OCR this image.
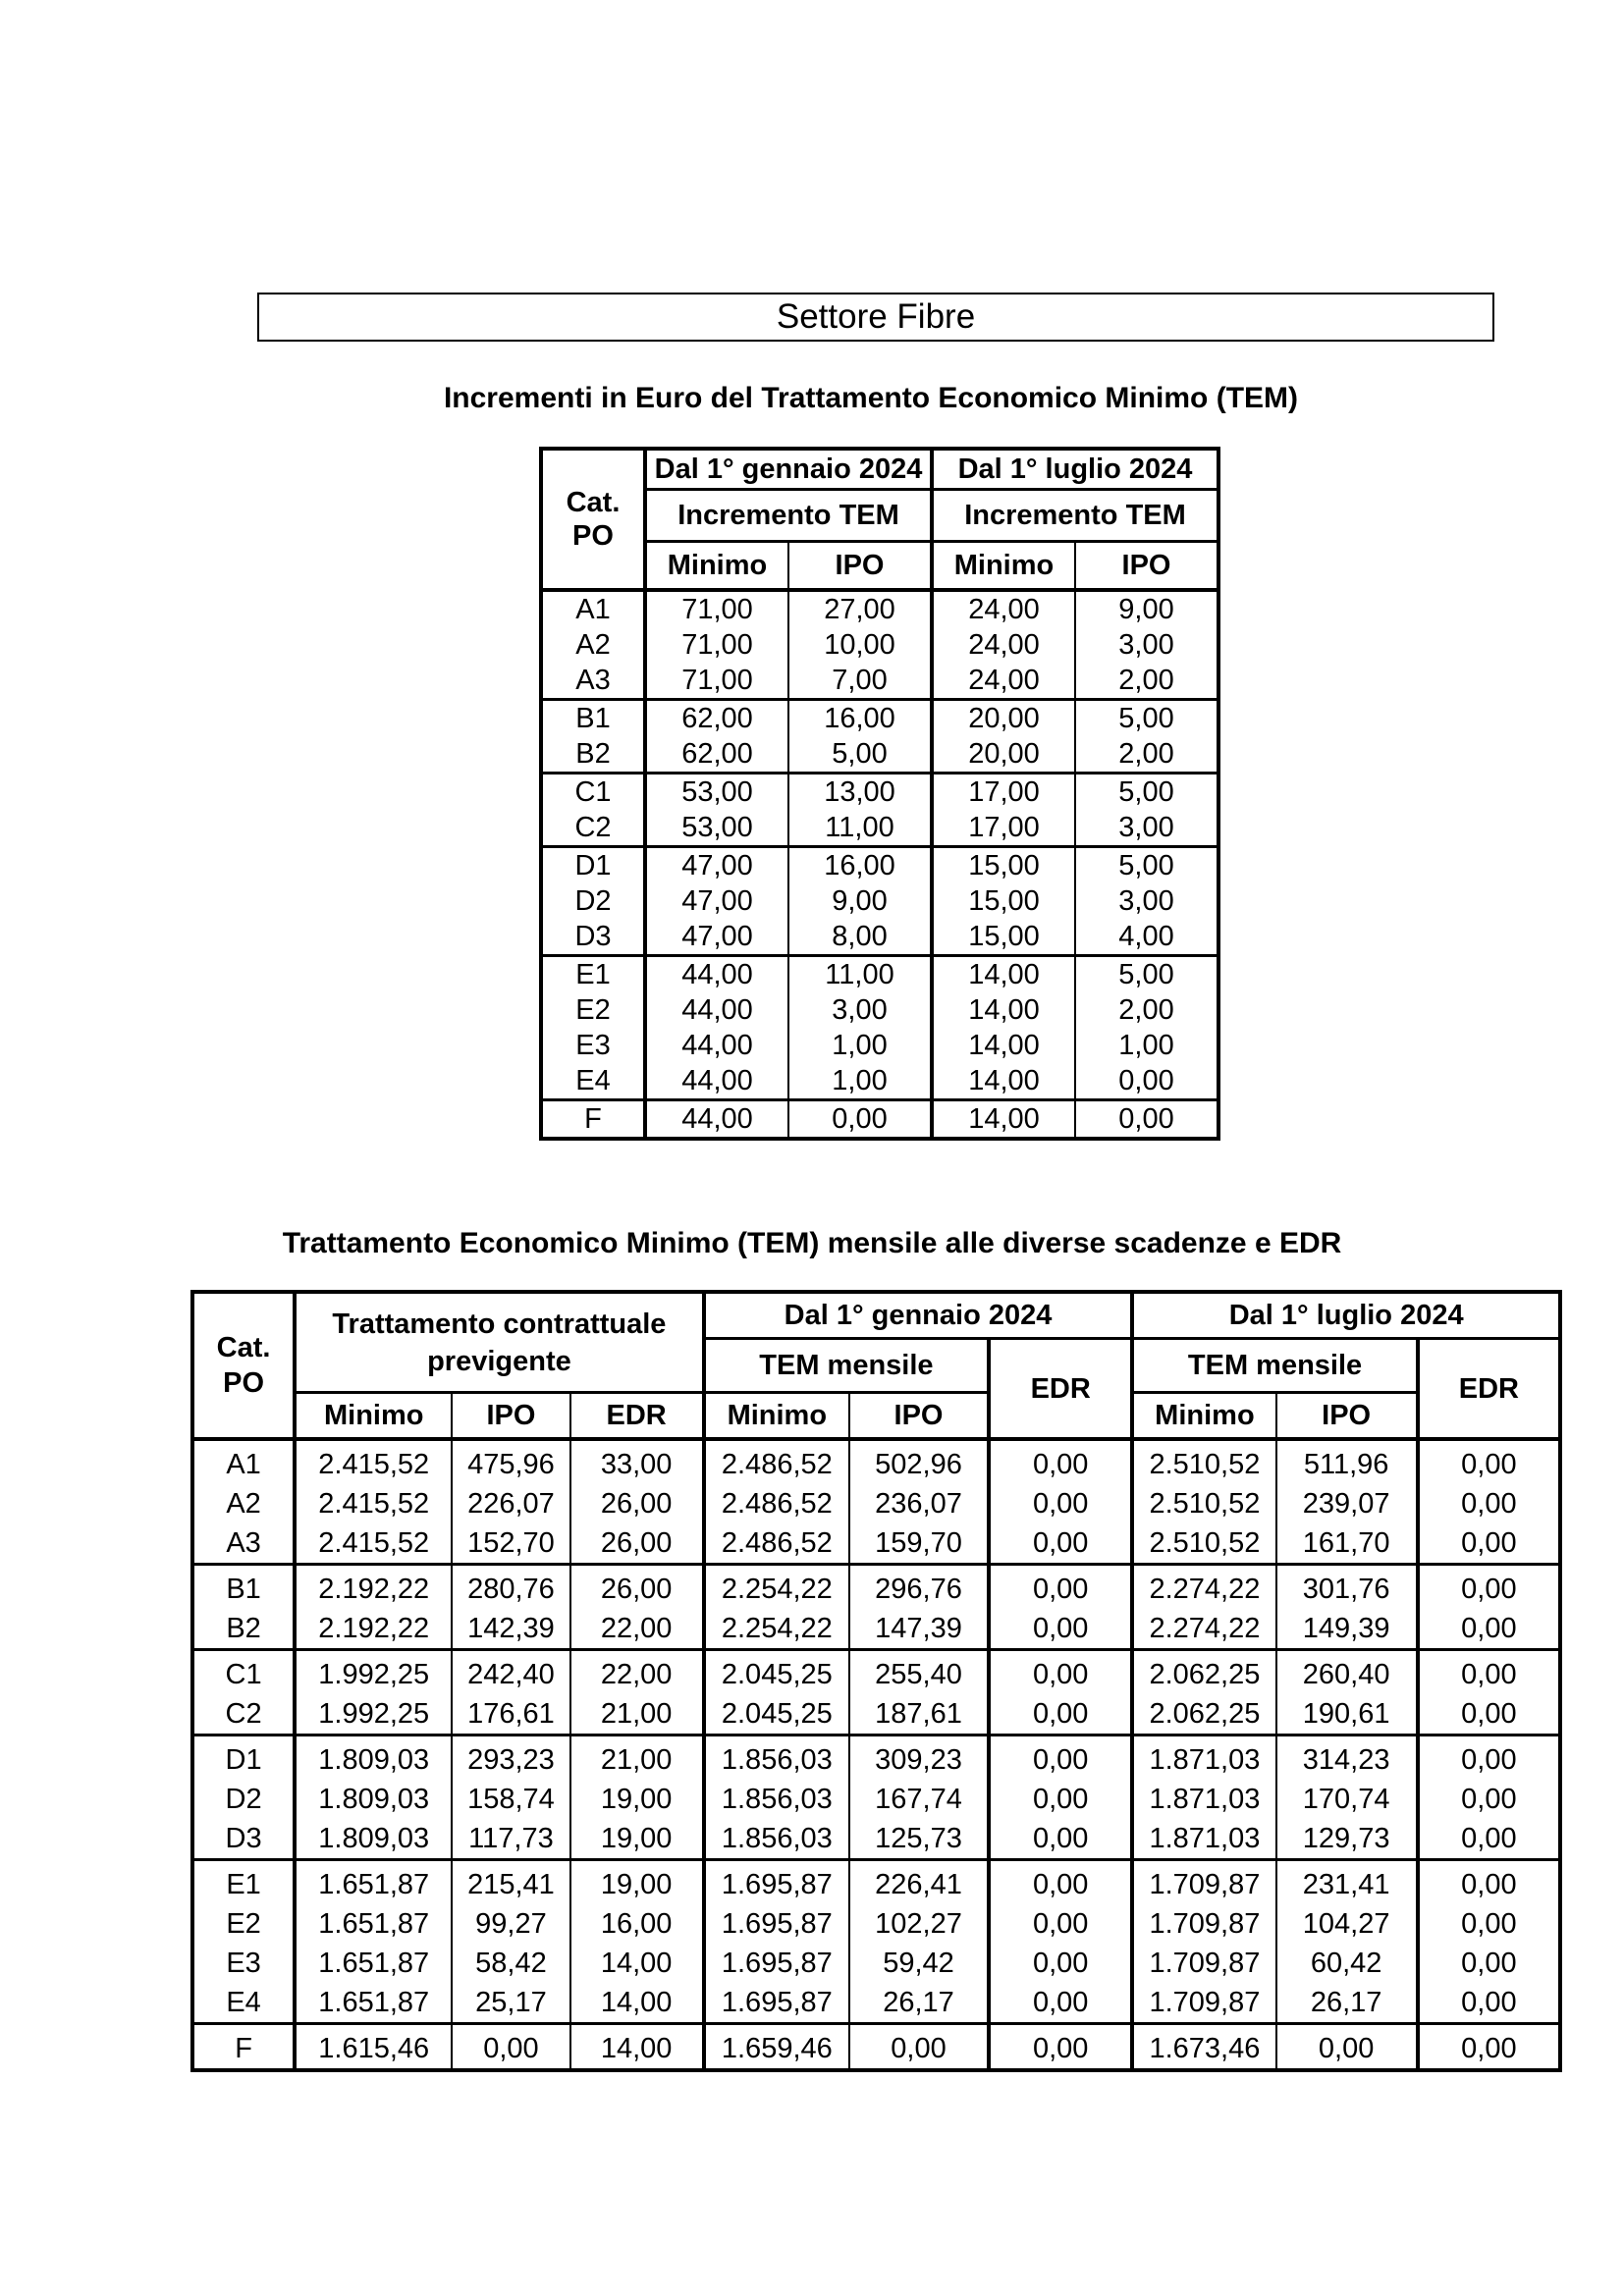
Settore Fibre
Incrementi in Euro del Trattamento Economico Minimo (TEM)
Cat. PO	Dal 1° gennaio 2024		Dal 1° luglio 2024	
	Incremento TEM		Incremento TEM	
	Minimo	IPO	Minimo	IPO
A1	71,00	27,00	24,00	9,00
A2	71,00	10,00	24,00	3,00
A3	71,00	7,00	24,00	2,00
B1	62,00	16,00	20,00	5,00
B2	62,00	5,00	20,00	2,00
C1	53,00	13,00	17,00	5,00
C2	53,00	11,00	17,00	3,00
D1	47,00	16,00	15,00	5,00
D2	47,00	9,00	15,00	3,00
D3	47,00	8,00	15,00	4,00
E1	44,00	11,00	14,00	5,00
E2	44,00	3,00	14,00	2,00
E3	44,00	1,00	14,00	1,00
E4	44,00	1,00	14,00	0,00
F	44,00	0,00	14,00	0,00
Trattamento Economico Minimo (TEM) mensile alle diverse scadenze e EDR
Cat. PO	Trattamento contrattuale previgente			Dal 1° gennaio 2024			Dal 1° luglio 2024		
				TEM mensile		EDR	TEM mensile		EDR
	Minimo	IPO	EDR	Minimo	IPO		Minimo	IPO	
A1	2.415,52	475,96	33,00	2.486,52	502,96	0,00	2.510,52	511,96	0,00
A2	2.415,52	226,07	26,00	2.486,52	236,07	0,00	2.510,52	239,07	0,00
A3	2.415,52	152,70	26,00	2.486,52	159,70	0,00	2.510,52	161,70	0,00
B1	2.192,22	280,76	26,00	2.254,22	296,76	0,00	2.274,22	301,76	0,00
B2	2.192,22	142,39	22,00	2.254,22	147,39	0,00	2.274,22	149,39	0,00
C1	1.992,25	242,40	22,00	2.045,25	255,40	0,00	2.062,25	260,40	0,00
C2	1.992,25	176,61	21,00	2.045,25	187,61	0,00	2.062,25	190,61	0,00
D1	1.809,03	293,23	21,00	1.856,03	309,23	0,00	1.871,03	314,23	0,00
D2	1.809,03	158,74	19,00	1.856,03	167,74	0,00	1.871,03	170,74	0,00
D3	1.809,03	117,73	19,00	1.856,03	125,73	0,00	1.871,03	129,73	0,00
E1	1.651,87	215,41	19,00	1.695,87	226,41	0,00	1.709,87	231,41	0,00
E2	1.651,87	99,27	16,00	1.695,87	102,27	0,00	1.709,87	104,27	0,00
E3	1.651,87	58,42	14,00	1.695,87	59,42	0,00	1.709,87	60,42	0,00
E4	1.651,87	25,17	14,00	1.695,87	26,17	0,00	1.709,87	26,17	0,00
F	1.615,46	0,00	14,00	1.659,46	0,00	0,00	1.673,46	0,00	0,00
